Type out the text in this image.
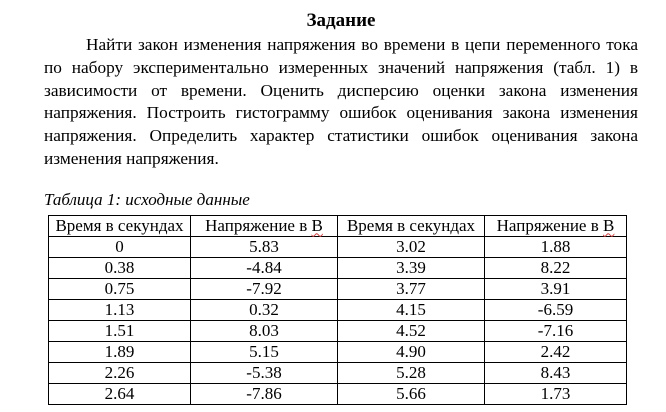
Задание

Найти закон изменения напряжения во времени в цепи переменного тока по набору экспериментально измеренных значений напряжения (табл. 1) в зависимости от времени. Оценить дисперсию оценки закона изменения напряжения. Построить гистограмму ошибок оценивания закона изменения напряжения. Определить характер статистики ошибок оценивания закона изменения напряжения.

Таблица 1: исходные данные
Время в секундах	Напряжение в В	Время в секундах	Напряжение в В
0	5.83	3.02	1.88
0.38	-4.84	3.39	8.22
0.75	-7.92	3.77	3.91
1.13	0.32	4.15	-6.59
1.51	8.03	4.52	-7.16
1.89	5.15	4.90	2.42
2.26	-5.38	5.28	8.43
2.64	-7.86	5.66	1.73
